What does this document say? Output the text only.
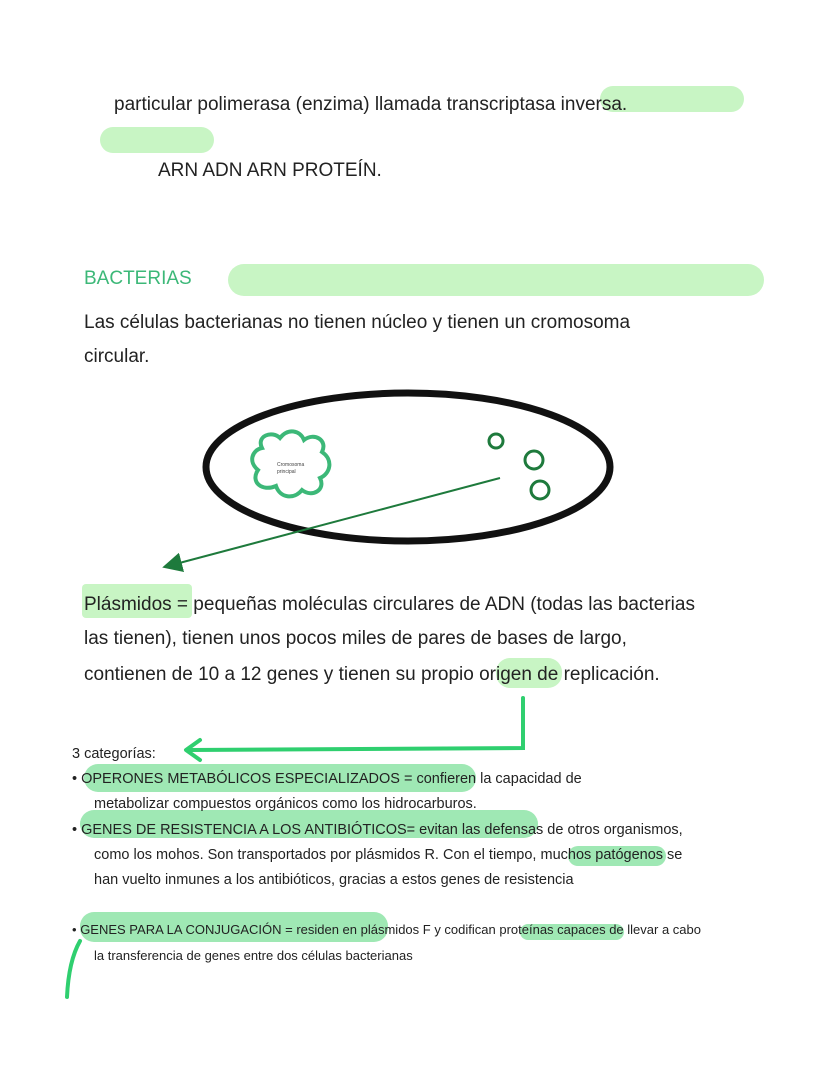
particular polimerasa (enzima) llamada transcriptasa inversa.
ARN ADN ARN PROTEÍN.
BACTERIAS
Las células bacterianas no tienen núcleo y tienen un cromosoma
circular.
Cromosoma
principal
Plásmidos = pequeñas moléculas circulares de ADN (todas las bacterias
las tienen), tienen unos pocos miles de pares de bases de largo,
contienen de 10 a 12 genes y tienen su propio origen de replicación.
3 categorías:
• OPERONES METABÓLICOS ESPECIALIZADOS = confieren la capacidad de
metabolizar compuestos orgánicos como los hidrocarburos.
• GENES DE RESISTENCIA A LOS ANTIBIÓTICOS= evitan las defensas de otros organismos,
como los mohos. Son transportados por plásmidos R. Con el tiempo, muchos patógenos se
han vuelto inmunes a los antibióticos, gracias a estos genes de resistencia
• GENES PARA LA CONJUGACIÓN = residen en plásmidos F y codifican proteínas capaces de llevar a cabo
la transferencia de genes entre dos células bacterianas
